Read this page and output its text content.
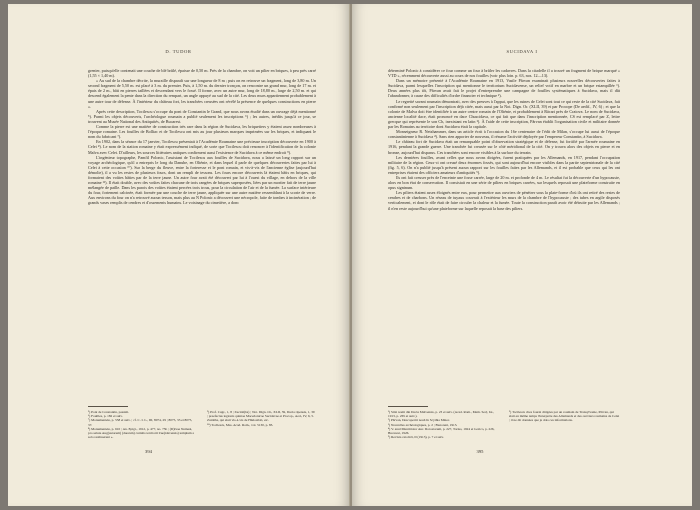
D. TUDOR

grenier, puisqu'elle contenait une couche de blé brûlé, épaisse de 0,50 m. Près de la chambre, on voit un pilier en briques, à peu près carré (1,55 × 1,40 m).

« Au sud de la chambre décrite, la muraille disparaît sur une longueur de 8 m ; puis on en retrouve un fragment, long de 3,80 m. Un second fragment de 5,50 m. est placé à 3 m. du premier. Puis, à 1,50 m. du dernier tronçon, on rencontre un grand mur, long de 17 m. et épais de 2 m., bâti en pierres taillées et descendant vers le fossé. Il forme, avec un autre mur, long de 18,80 m., large de 2,50 m. et qui descend également la pente dans la direction du rempart, un angle appuyé au sud de la cité. Les deux murs appartiennent probablement à une autre tour de défense. À l'intérieur du château fort, les tranchées creusées ont révélé la présence de quelques constructions en pierre ».

Après cette description, Tocilescu s'occupe du pont de Constantin le Grand, que nous avons étudié dans un ouvrage déjà mentionné ⁵). Parmi les objets découverts, l'archéologue roumain a publié seulement les inscriptions ⁶) ; les autres, inédits jusqu'à ce jour, se trouvent au Musée National des Antiquités, de Bucarest.

Comme la pierre est une matière de construction très rare dans la région de Sucidava, les briquetiers y étaient assez nombreuses à l'époque romaine. Les fouilles de Bolliac et de Tocilescu ont mis au jour plusieurs marques imprimées sur les briques, et indiquant le nom du fabricant ⁷).

En 1902, dans la séance du 17 janvier, Tocilescu présentait à l'Académie Roumaine une précieuse inscription découverte en 1900 à Celei ⁸). Le nom de la station romaine y était expressément indiqué, de sorte que Tocilescu doit renoncer à l'identification de la colonie Malva avec Celei. D'ailleurs, les sources littéraires antiques confirment aussi l'existence de Sucidava à ce même endroit ⁹).

L'ingénieur topographe, Pamfil Polonic, l'assistant de Tocilescu aux fouilles de Sucidava, nous a laissé un long rapport sur un voyage archéologique, qu'il a entrepris le long du Danube, en Olténie, et dans lequel il parle de quelques découvertes faites par lui à Celei à cette occasion ¹⁰). Sur la berge du fleuve, entre la forteresse et le pont romain, et vis-à-vis de l'ancienne église (aujourd'hui démolie), il a vu les restes de plusieurs fours, dont un rempli de tessons. Les fours encore découverts là étaient bâtis en briques, qui formaient des voûtes bâties par de la terre jaune. Un autre four avait été découvert par lui à l'ouest du village, en dehors de la ville romaine ¹¹). Il était double, avec des voûtes faites chacune de trois rangées de briques superposées, liées par un mortier fait de terre jaune mélangée de paille. Dans les parois des voûtes étaient percées trois trous, pour la circulation de l'air et de la fumée. La surface intérieure du four, fortement calcinée, était formée par une couche de terre jaune, appliquée sur une autre matière ressemblant à la scorie de verre. Aux environs du four on n'a retrouvé aucun tesson, mais plus au N Polonic a découvert une nécropole, faite de tombes à incinération ; de grands vases remplis de cendres et d'ossements humains. Le voisinage du cimetière, a donc

⁵) Pont de Constantin, passim.
⁶) Fouilles, p. 182 et suiv.
⁷) Monumentele, p. 558 et suiv. ; cf. C. I. L., III, 8074, 29 ; 8075, 33 et 8075, 37.
⁸) Monumentele, p. 610 ; An. Epigr., 1912, p. 477, no. 75b ; (D)ivae Nemesi, pro salute Aug(ustorum) (duorum) curialis territorii Zue(idavensis) templum a solo restituerunt ».
⁹) Prof. Cugr., 1, 8 ; Zucidá(ba) ; Not. Dign. Or., XLII, 39, Dacia ripensis, 1, 39 ; praefectus legionis quintae Macedonicae Sucidavae et Procop., Aed., IV, 6, 5. Zuidába, qui était vis-à-vis de Hiulostlab, etc.
¹⁰) Tocilescu, Mss. Acad. Rom., vol. 5130, p. 83.
394
SUCIDAVA I

déterminé Polonic à considérer ce four comme un four à brûler les cadavres. Dans la citadelle il a trouvé un fragment de brique marqué « VTD », récemment découverte aussi au cours de nos fouilles (voir plus loin. p. 63, nos. 12—13).

Dans un mémoire présenté à l'Académie Roumaine en 1913, Vasile Pârvan examinait plusieurs nouvelles découvertes faites à Sucidava, parmi lesquelles l'inscription qui mentionne le territorium Sucidavense, un relief votif en marbre et un brique estampillée ¹). Deux années plus tôt, Pârvan avait fait le projet d'entreprendre une campagne de fouilles systématiques à Sucidava, mais il dût l'abandonner, à cause des difficultés d'ordre financier et technique ²).

Le regretté savant roumain démontrait, avec des preuves à l'appui, que les ruines de Celei sont tout ce qui reste de la cité Sucidava, fait confirmé non seulement par l'inscription déjà citée, mais aussi par la Not. Dign. Or. (XLII, 39) et par Procope (De aedif., IV, 6) ; et que la colonie de Malva doit être identifiée à un autre centre romain de l'Olténie, et probablement à Răcari près de Craiova. Le nom de Sucidava, ancienne localité dace, était prononcé en dace Chuscidava, ce qui fait que dans l'inscription mentionnée, CS est remplacé par Z, lettre grecque qui représente le son Ch, inexistant en latin ³). À l'aide de cette inscription, Pârvan établit l'organisation civile et militaire donnée par les Romains au territoire dont Sucidava était la capitale.

Monseigneur R. Netzhammer, dans un article écrit à l'occasion du 16e centenaire de l'édit de Milan, s'occupe lui aussi de l'époque constantinienne à Sucidava ⁴). Sans rien apporter de nouveau, il résume l'activité déployée par l'empereur Constantin, à Sucidava.

Le château fort de Sucidava était un remarquable point d'observation stratégique et de défense, fut fortifié par l'armée roumaine en 1916, pendant la grande guerre. Une tranchée fut creusée sur le côté méridional de la cité. On y trouva alors des objets en pierre et en bronze, aujourd'hui disparus. Ces tranchées sont encore visibles à la surface du terrain.

Les dernières fouilles, avant celles que nous avons dirigées, furent pratiquées par les Allemands, en 1917, pendant l'occupation militaire de la région. Ceux-ci ont creusé deux énormes fossés, qui sont aujourd'hui encore visibles dans la partie septentrionale de la cité (fig. 5, 6). On n'a publié jusqu'à présent aucun rapport sur les fouilles faites par les Allemands, et il est probable que ceux qui les ont entreprises étaient des officiers amateurs d'antiquités ⁵).

Ils ont fait creuser près de l'enceinte une fosse carrée, large de 20 m. et profonde de 4 m. Le résultat fut la découverte d'un hypocauste, alors en bon état de conservation. Il consistait en une série de piliers en briques carrées, sur lesquels reposait une plateforme construite en opus signinum.

Les piliers étaient assez éloignés entre eux, pour permettre aux ouvriers de pénétrer sous la plate-forme d'où ils ont retiré des restes de cendres et de charbons. Un réseau de tuyaux couvrait à l'extérieur les murs de la chambre de l'hypocauste ; des tubes en argile disposés verticalement, et dont le rôle était de faire circuler la chaleur et la fumée. Toute la construction paraît avoir été détruite par les Allemands ; il n'en reste aujourd'hui qu'une plateforme sur laquelle reposait la base des piliers.

¹) Sitzi nomi din Dacia Malvensis, p. 23 et suiv. (Acad. Rom., Mem. Secţ. Ist., 1913, p. 265 et suiv.).
²) Pârvan, Descoperiri nouă în Scythia Minor.
³) Nouvelles archéologiques, p. 2 ; Buzoreni, 1913.
⁴) V. anul Muntiriolor Aur. Dorostorum, p. 227, Tortus, 1924 et Gotico, p. 226, Bucarest, 1926.
⁵) Revista catolică, II (1913), p. 7 et suiv.
⁵) Tocilescu cites fourni dirigées par un roumain de Transylvanie, Pârvan, qui était en même temps l'interprète des Allemands et des ouvriers roumains de Celei ; il ne dit données que je dois ces informations.
395
